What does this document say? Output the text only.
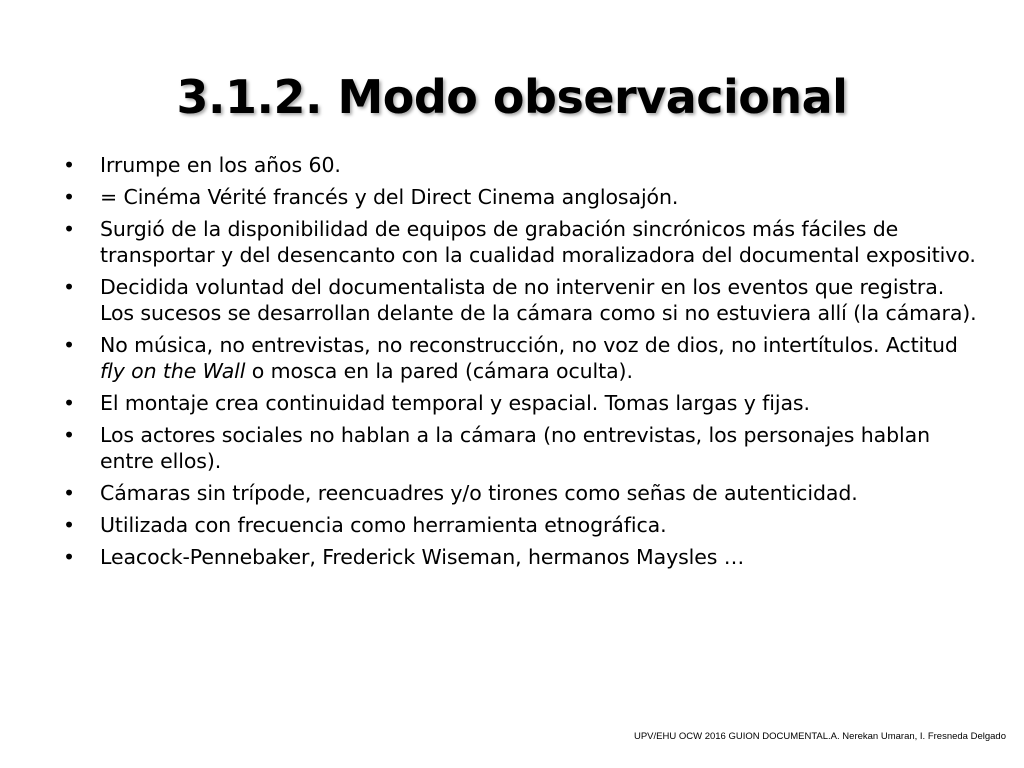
3.1.2. Modo observacional
• Irrumpe en los años 60.
• = Cinéma Vérité francés y del Direct Cinema anglosajón.
• Surgió de la disponibilidad de equipos de grabación sincrónicos más fáciles de transportar y del desencanto con la cualidad moralizadora del documental expositivo.
• Decidida voluntad del documentalista de no intervenir en los eventos que registra. Los sucesos se desarrollan delante de la cámara como si no estuviera allí (la cámara).
• No música, no entrevistas, no reconstrucción, no voz de dios, no intertítulos. Actitud fly on the Wall o mosca en la pared (cámara oculta).
• El montaje crea continuidad temporal y espacial. Tomas largas y fijas.
• Los actores sociales no hablan a la cámara (no entrevistas, los personajes hablan entre ellos).
• Cámaras sin trípode, reencuadres y/o tirones como señas de autenticidad.
• Utilizada con frecuencia como herramienta etnográfica.
• Leacock-Pennebaker, Frederick Wiseman, hermanos Maysles …
UPV/EHU OCW 2016 GUION DOCUMENTAL.A. Nerekan Umaran, I. Fresneda Delgado
